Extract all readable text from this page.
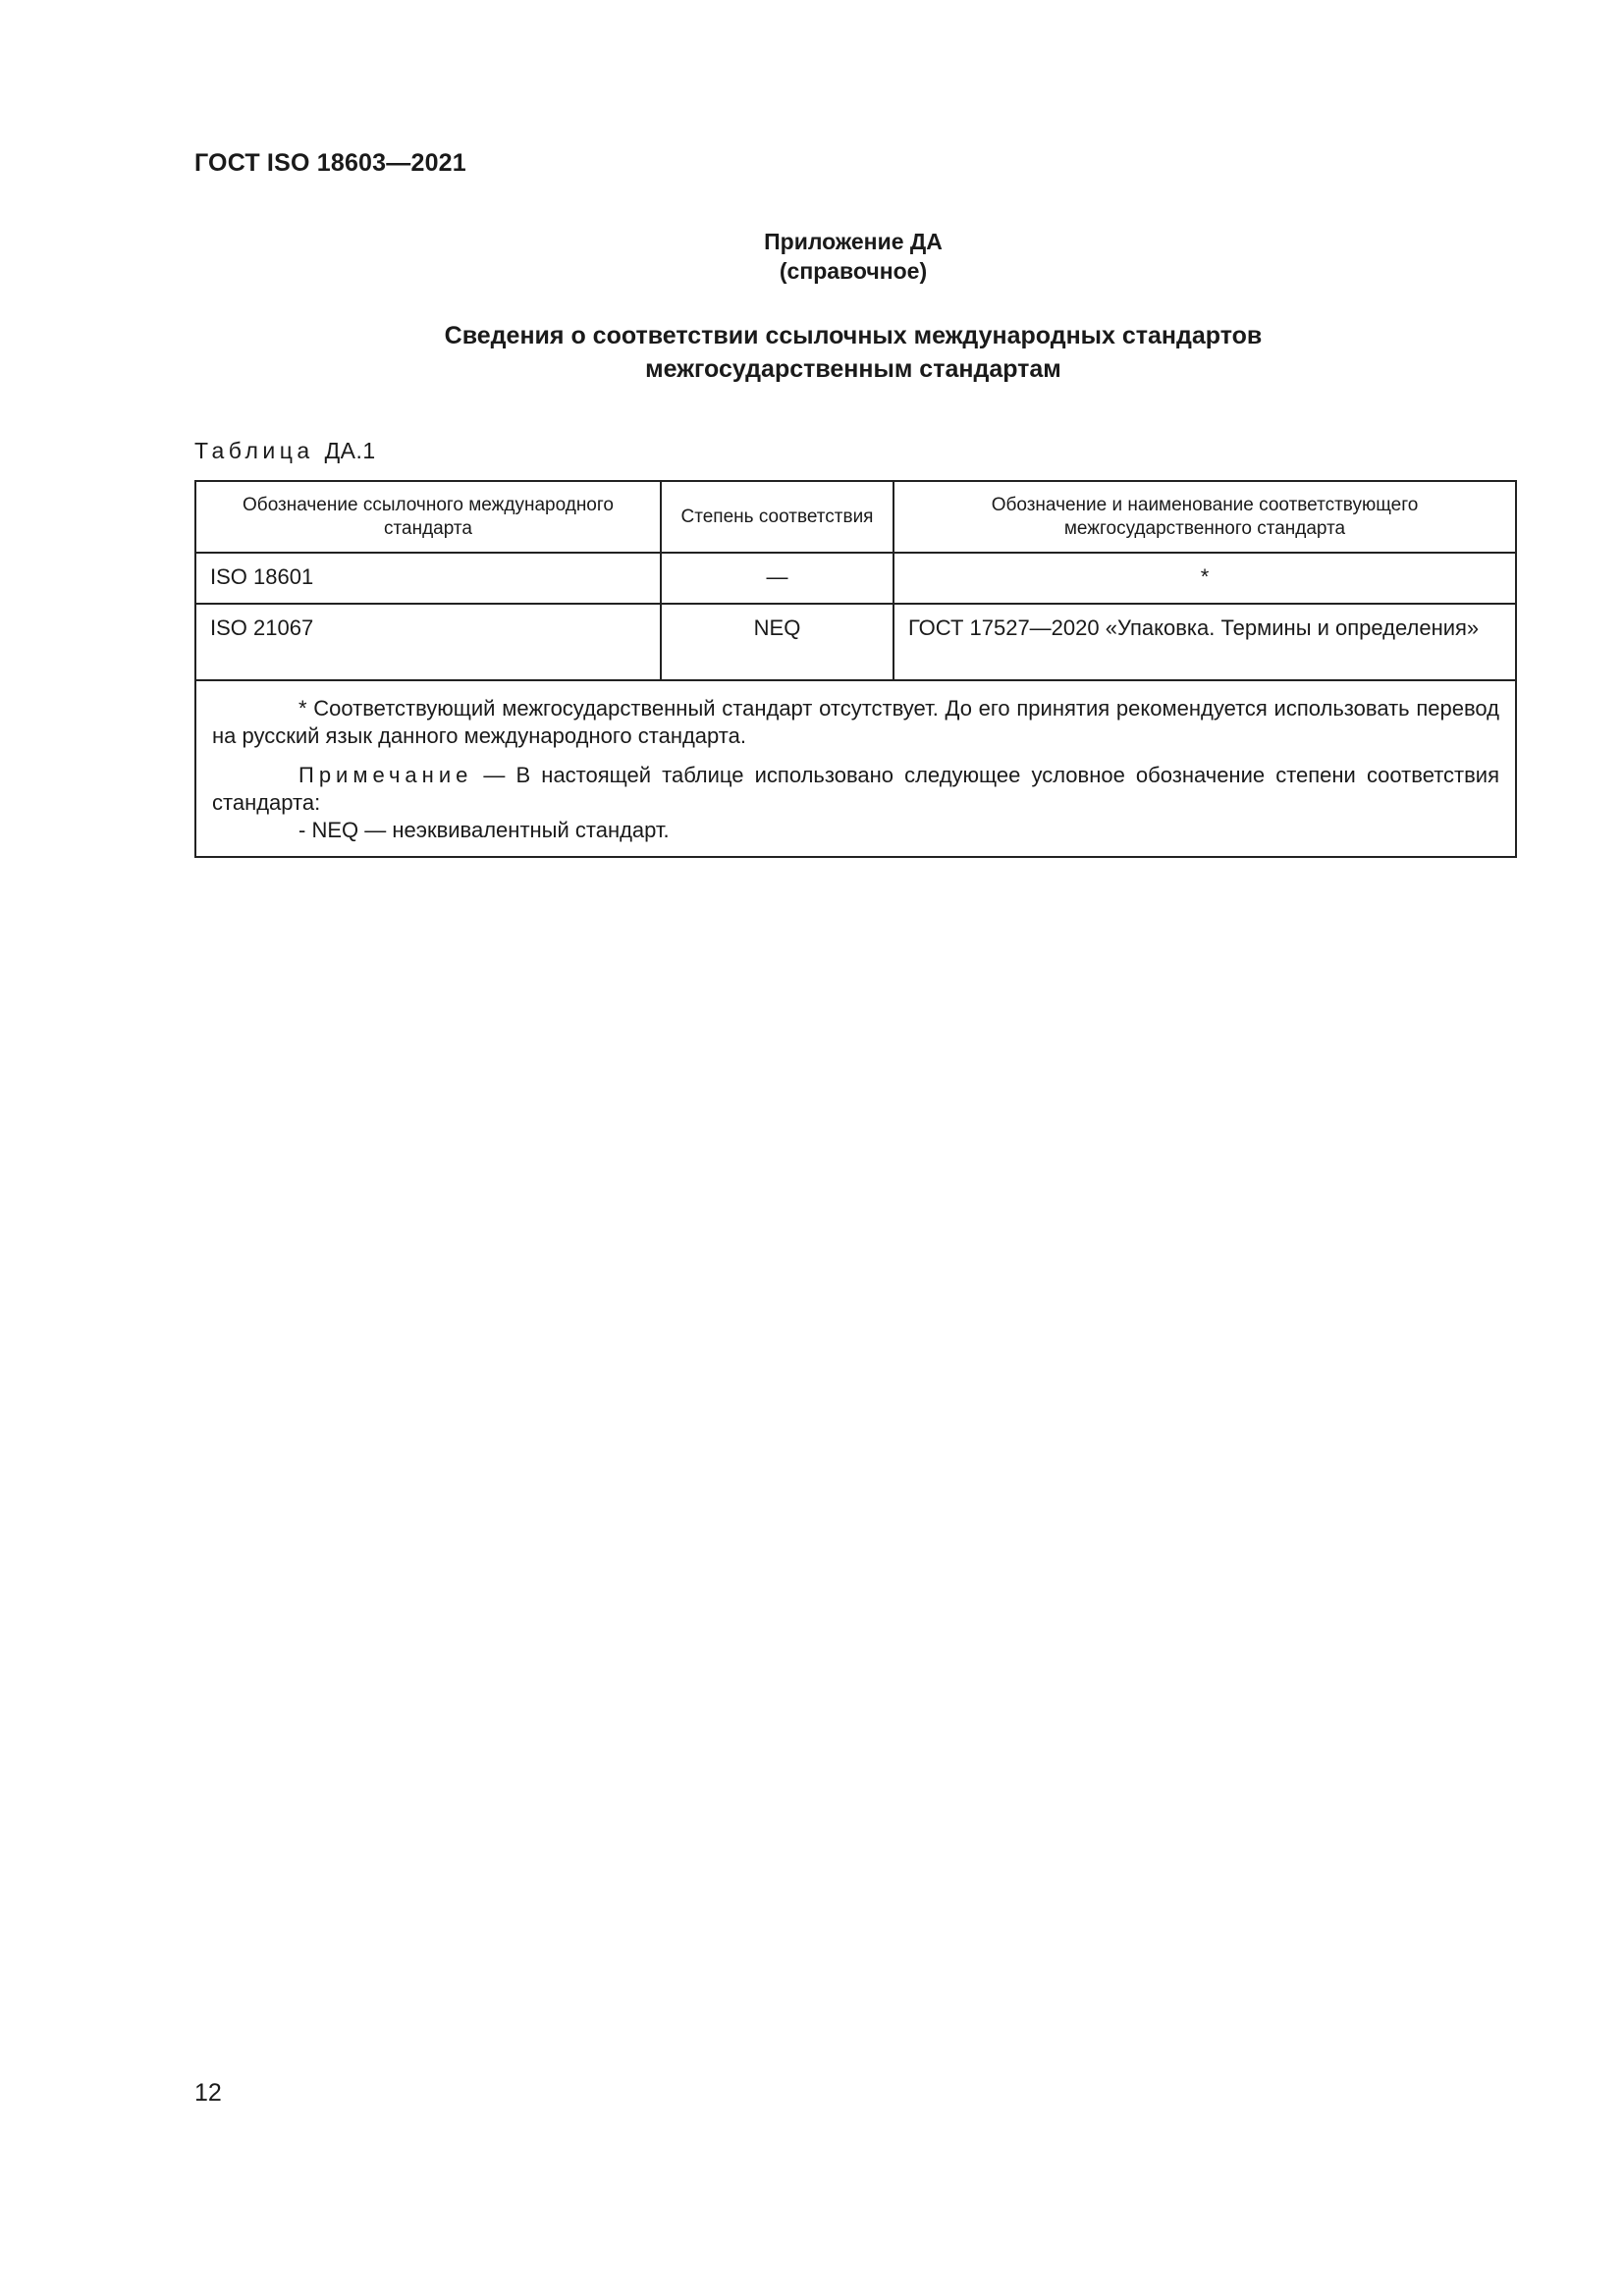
ГОСТ ISO 18603—2021
Приложение ДА
(справочное)
Сведения о соответствии ссылочных международных стандартов
межгосударственным стандартам
Таблица ДА.1
Обозначение ссылочного международного стандарта	Степень соответствия	Обозначение и наименование соответствующего межгосударственного стандарта
ISO 18601	—	*
ISO 21067	NEQ	ГОСТ 17527—2020 «Упаковка. Термины и определения»

* Соответствующий межгосударственный стандарт отсутствует. До его принятия рекомендуется использовать перевод на русский язык данного международного стандарта.

Примечание — В настоящей таблице использовано следующее условное обозначение степени соответствия стандарта:

- NEQ — неэквивалентный стандарт.		
12
